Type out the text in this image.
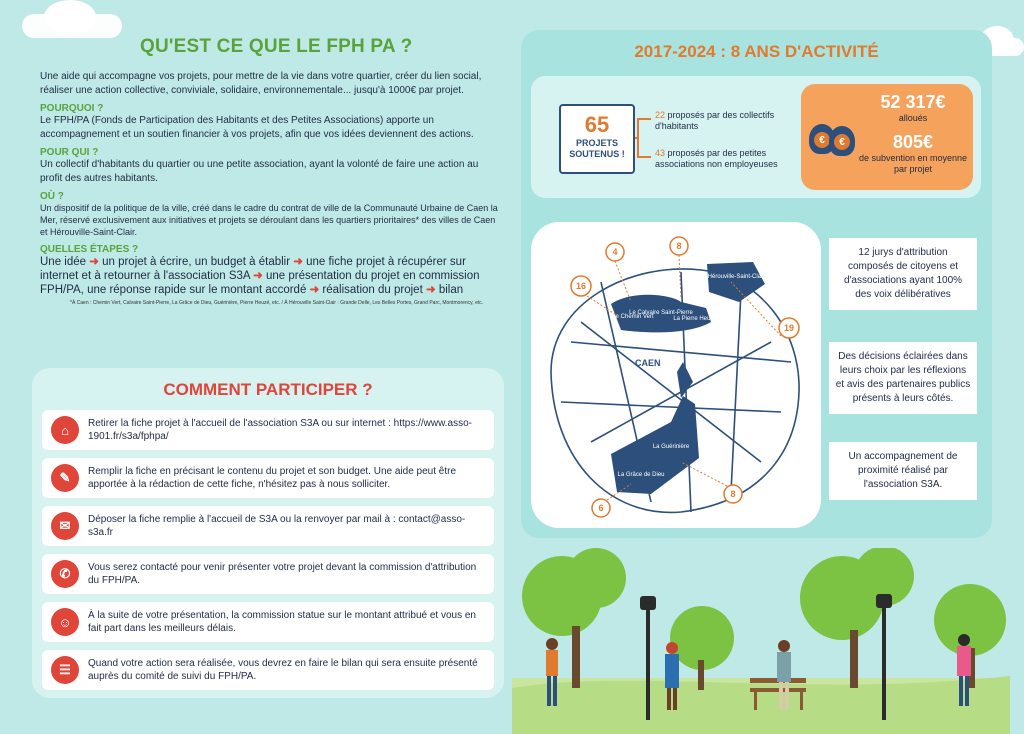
QU'EST CE QUE LE FPH PA ?
Une aide qui accompagne vos projets, pour mettre de la vie dans votre quartier, créer du lien social, réaliser une action collective, conviviale, solidaire, environnementale... jusqu'à 1000€ par projet.
POURQUOI ?
Le FPH/PA (Fonds de Participation des Habitants et des Petites Associations) apporte un accompagnement et un soutien financier à vos projets, afin que vos idées deviennent des actions.
POUR QUI ?
Un collectif d'habitants du quartier ou une petite association, ayant la volonté de faire une action au profit des autres habitants.
OÙ ?
Un dispositif de la politique de la ville, créé dans le cadre du contrat de ville de la Communauté Urbaine de Caen la Mer, réservé exclusivement aux initiatives et projets se déroulant dans les quartiers prioritaires* des villes de Caen et Hérouville-Saint-Clair.
QUELLES ÉTAPES ?
Une idée ➜ un projet à écrire, un budget à établir ➜ une fiche projet à récupérer sur internet et à retourner à l'association S3A ➜ une présentation du projet en commission FPH/PA, une réponse rapide sur le montant accordé ➜ réalisation du projet ➜ bilan
*À Caen : Chemin Vert, Calvaire Saint-Pierre, La Grâce de Dieu, Guérinière, Pierre Heuzé, etc. / À Hérouville Saint-Clair : Grande Delle, Les Belles Portes, Grand Parc, Montmorency, etc.
COMMENT PARTICIPER ?
⌂	Retirer la fiche projet à l'accueil de l'association S3A ou sur internet : https://www.asso-1901.fr/s3a/fphpa/
✎	Remplir la fiche en précisant le contenu du projet et son budget. Une aide peut être apportée à la rédaction de cette fiche, n'hésitez pas à nous solliciter.
✉	Déposer la fiche remplie à l'accueil de S3A ou la renvoyer par mail à : contact@asso-s3a.fr
✆	Vous serez contacté pour venir présenter votre projet devant la commission d'attribution du FPH/PA.
☺	À la suite de votre présentation, la commission statue sur le montant attribué et vous en fait part dans les meilleurs délais.
☰	Quand votre action sera réalisée, vous devrez en faire le bilan qui sera ensuite présenté auprès du comité de suivi du FPH/PA.
2017-2024 : 8 ANS D'ACTIVITÉ
65
PROJETS SOUTENUS !
22 proposés par des collectifs d'habitants
43 proposés par des petites associations non employeuses
€	€
52 317€
alloués
805€
de subvention en moyenne par projet
Hérouville-Saint-Clair
Le Chemin Vert
Le Calvaire Saint-Pierre
La Pierre Heuzé
La Guérinière
La Grâce de Dieu
CAEN
4
8
16
19
8
6
12 jurys d'attribution composés de citoyens et d'associations ayant 100% des voix délibératives
Des décisions éclairées dans leurs choix par les réflexions et avis des partenaires publics présents à leurs côtés.
Un accompagnement de proximité réalisé par l'association S3A.
